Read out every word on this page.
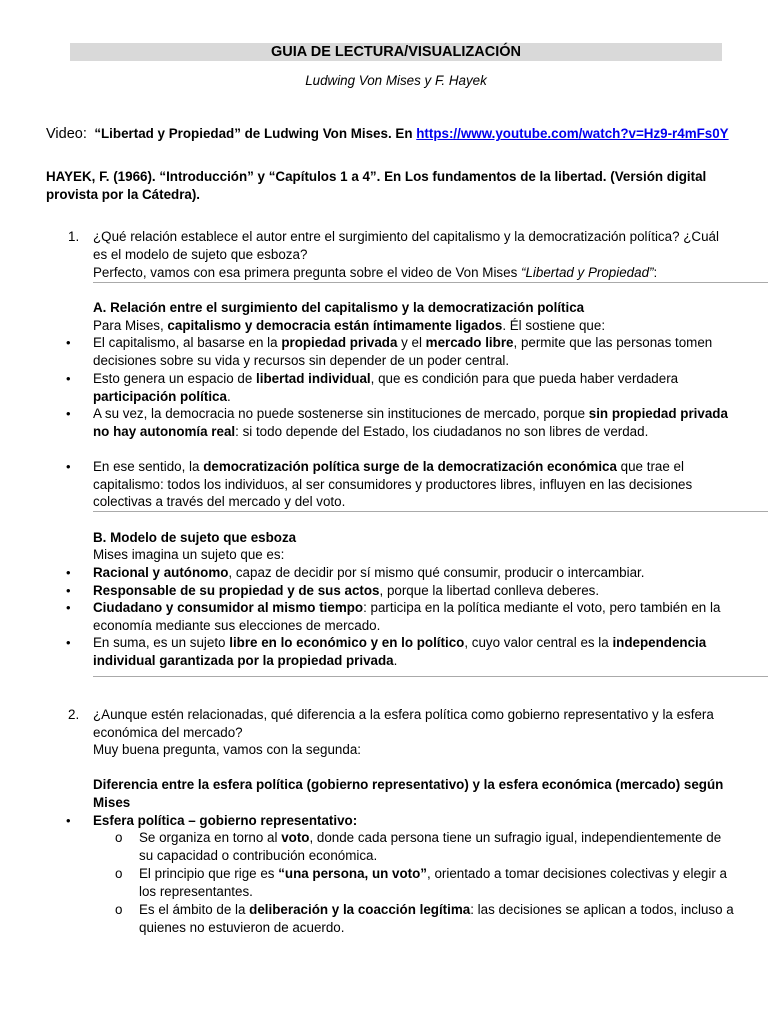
GUIA DE LECTURA/VISUALIZACIÓN
Ludwing Von Mises y F. Hayek
Video: “Libertad y Propiedad” de Ludwing Von Mises. En https://www.youtube.com/watch?v=Hz9-r4mFs0Y
HAYEK, F. (1966). “Introducción” y “Capítulos 1 a 4”. En Los fundamentos de la libertad. (Versión digital provista por la Cátedra).
1. ¿Qué relación establece el autor entre el surgimiento del capitalismo y la democratización política? ¿Cuál es el modelo de sujeto que esboza?
Perfecto, vamos con esa primera pregunta sobre el video de Von Mises “Libertad y Propiedad”:
A. Relación entre el surgimiento del capitalismo y la democratización política
Para Mises, capitalismo y democracia están íntimamente ligados. Él sostiene que:
• El capitalismo, al basarse en la propiedad privada y el mercado libre, permite que las personas tomen decisiones sobre su vida y recursos sin depender de un poder central.
• Esto genera un espacio de libertad individual, que es condición para que pueda haber verdadera participación política.
• A su vez, la democracia no puede sostenerse sin instituciones de mercado, porque sin propiedad privada no hay autonomía real: si todo depende del Estado, los ciudadanos no son libres de verdad.
• En ese sentido, la democratización política surge de la democratización económica que trae el capitalismo: todos los individuos, al ser consumidores y productores libres, influyen en las decisiones colectivas a través del mercado y del voto.
B. Modelo de sujeto que esboza
Mises imagina un sujeto que es:
• Racional y autónomo, capaz de decidir por sí mismo qué consumir, producir o intercambiar.
• Responsable de su propiedad y de sus actos, porque la libertad conlleva deberes.
• Ciudadano y consumidor al mismo tiempo: participa en la política mediante el voto, pero también en la economía mediante sus elecciones de mercado.
• En suma, es un sujeto libre en lo económico y en lo político, cuyo valor central es la independencia individual garantizada por la propiedad privada.
2. ¿Aunque estén relacionadas, qué diferencia a la esfera política como gobierno representativo y la esfera económica del mercado?
Muy buena pregunta, vamos con la segunda:
Diferencia entre la esfera política (gobierno representativo) y la esfera económica (mercado) según Mises
• Esfera política – gobierno representativo:
o Se organiza en torno al voto, donde cada persona tiene un sufragio igual, independientemente de su capacidad o contribución económica.
o El principio que rige es “una persona, un voto”, orientado a tomar decisiones colectivas y elegir a los representantes.
o Es el ámbito de la deliberación y la coacción legítima: las decisiones se aplican a todos, incluso a quienes no estuvieron de acuerdo.
